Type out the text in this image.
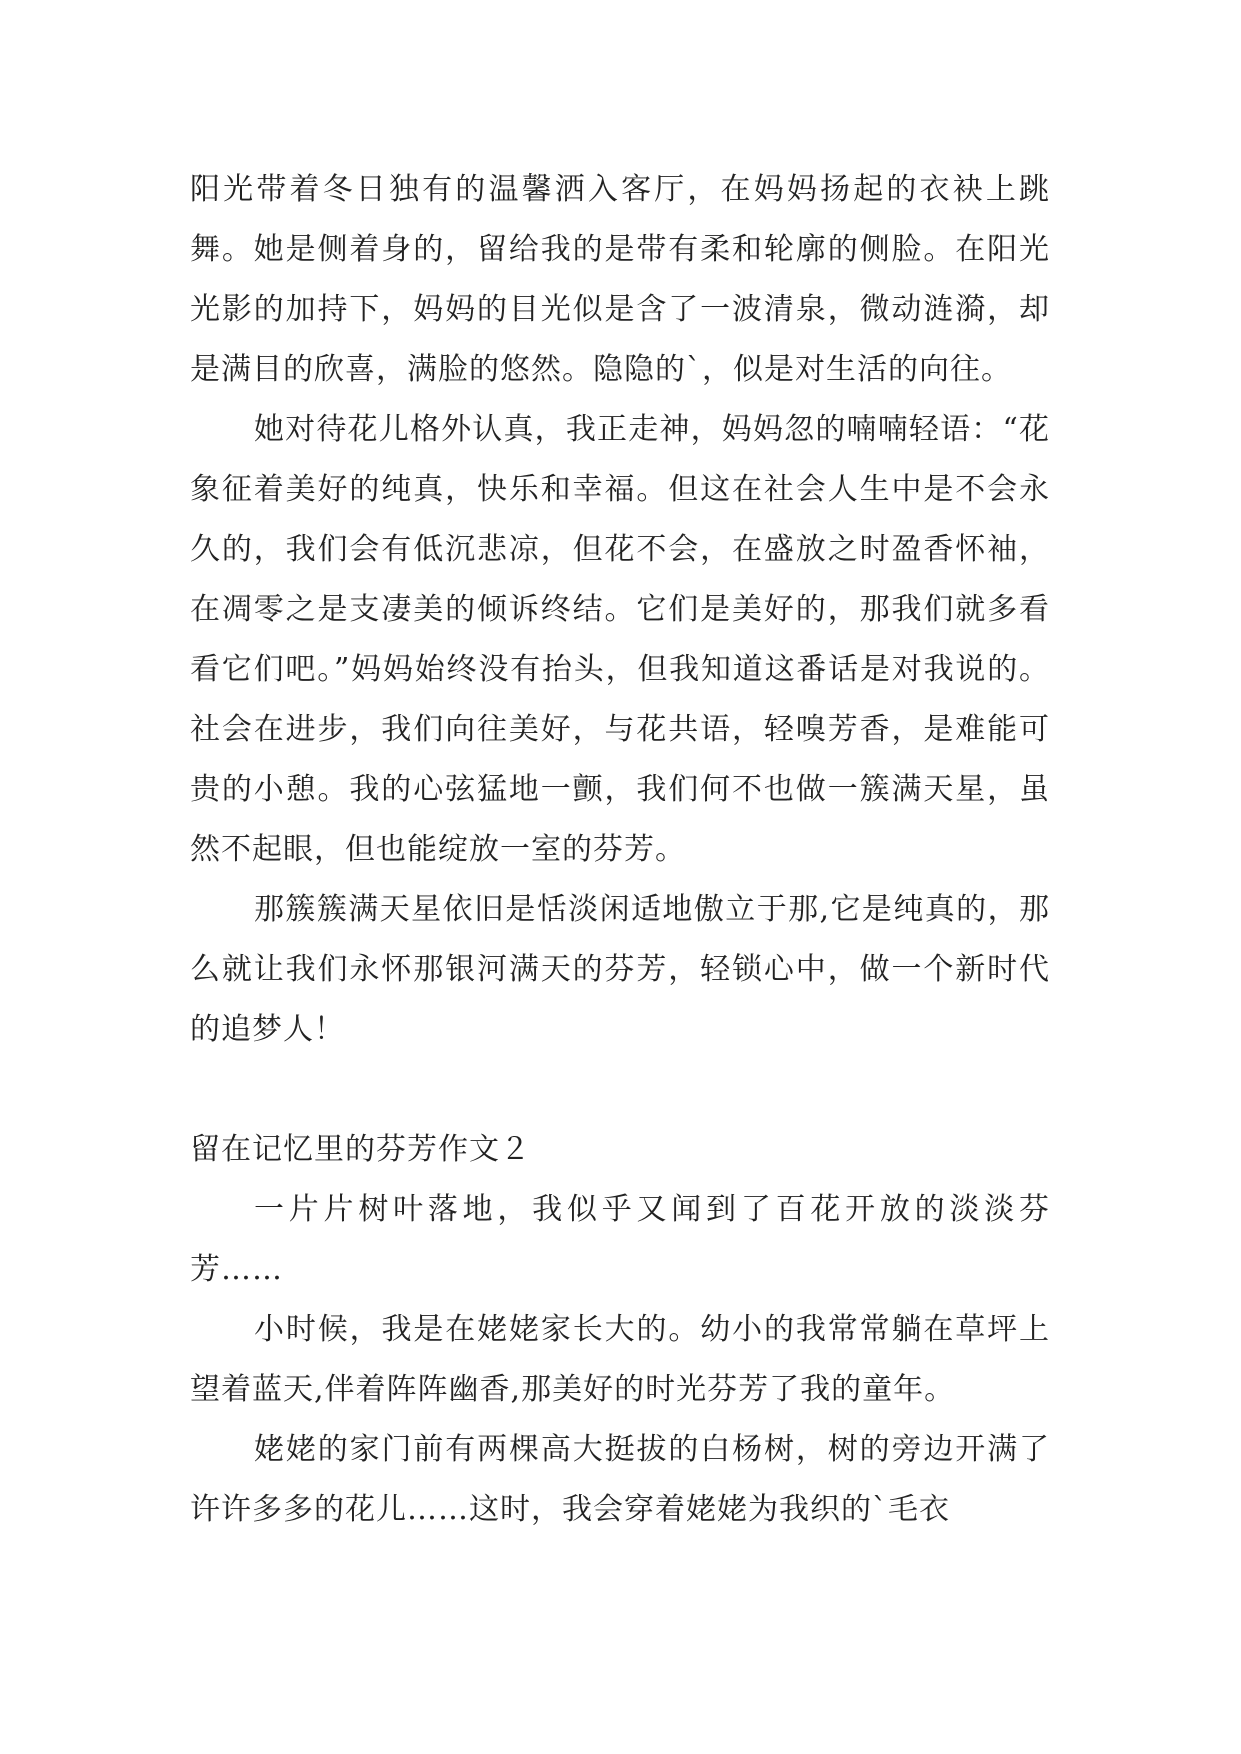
阳光带着冬日独有的温馨洒入客厅，在妈妈扬起的衣袂上跳舞。她是侧着身的，留给我的是带有柔和轮廓的侧脸。在阳光光影的加持下，妈妈的目光似是含了一波清泉，微动涟漪，却是满目的欣喜，满脸的悠然。隐隐的`，似是对生活的向往。

她对待花儿格外认真，我正走神，妈妈忽的喃喃轻语：“花象征着美好的纯真，快乐和幸福。但这在社会人生中是不会永久的，我们会有低沉悲凉，但花不会，在盛放之时盈香怀袖，在凋零之是支凄美的倾诉终结。它们是美好的，那我们就多看看它们吧。”妈妈始终没有抬头，但我知道这番话是对我说的。社会在进步，我们向往美好，与花共语，轻嗅芳香，是难能可贵的小憩。我的心弦猛地一颤，我们何不也做一簇满天星，虽然不起眼，但也能绽放一室的芬芳。

那簇簇满天星依旧是恬淡闲适地傲立于那,它是纯真的，那么就让我们永怀那银河满天的芬芳，轻锁心中，做一个新时代的追梦人！

留在记忆里的芬芳作文２

一片片树叶落地，我似乎又闻到了百花开放的淡淡芬芳……

小时候，我是在姥姥家长大的。幼小的我常常躺在草坪上望着蓝天,伴着阵阵幽香,那美好的时光芬芳了我的童年。

姥姥的家门前有两棵高大挺拔的白杨树，树的旁边开满了许许多多的花儿……这时，我会穿着姥姥为我织的`毛衣
